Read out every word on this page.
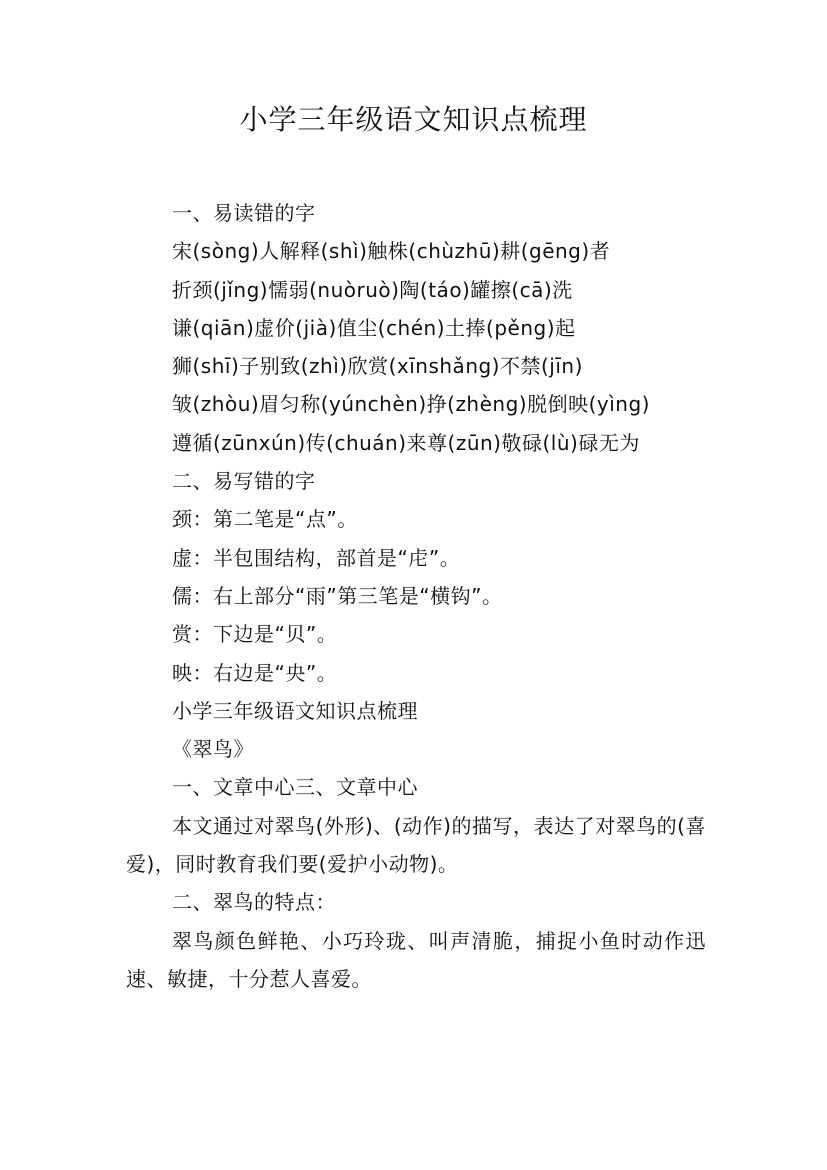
小学三年级语文知识点梳理

一、易读错的字

宋(sòng)人解释(shì)触株(chùzhū)耕(gēng)者

折颈(jǐng)懦弱(nuòruò)陶(táo)罐擦(cā)洗

谦(qiān)虚价(jià)值尘(chén)土捧(pěng)起

狮(shī)子别致(zhì)欣赏(xīnshǎng)不禁(jīn)

皱(zhòu)眉匀称(yúnchèn)挣(zhèng)脱倒映(yìng)

遵循(zūnxún)传(chuán)来尊(zūn)敬碌(lù)碌无为

二、易写错的字

颈：第二笔是“点”。

虚：半包围结构，部首是“虍”。

儒：右上部分“雨”第三笔是“横钩”。

赏：下边是“贝”。

映：右边是“央”。

小学三年级语文知识点梳理

《翠鸟》

一、文章中心三、文章中心

本文通过对翠鸟(外形)、(动作)的描写，表达了对翠鸟的(喜爱)，同时教育我们要(爱护小动物)。

二、翠鸟的特点：

翠鸟颜色鲜艳、小巧玲珑、叫声清脆，捕捉小鱼时动作迅速、敏捷，十分惹人喜爱。
